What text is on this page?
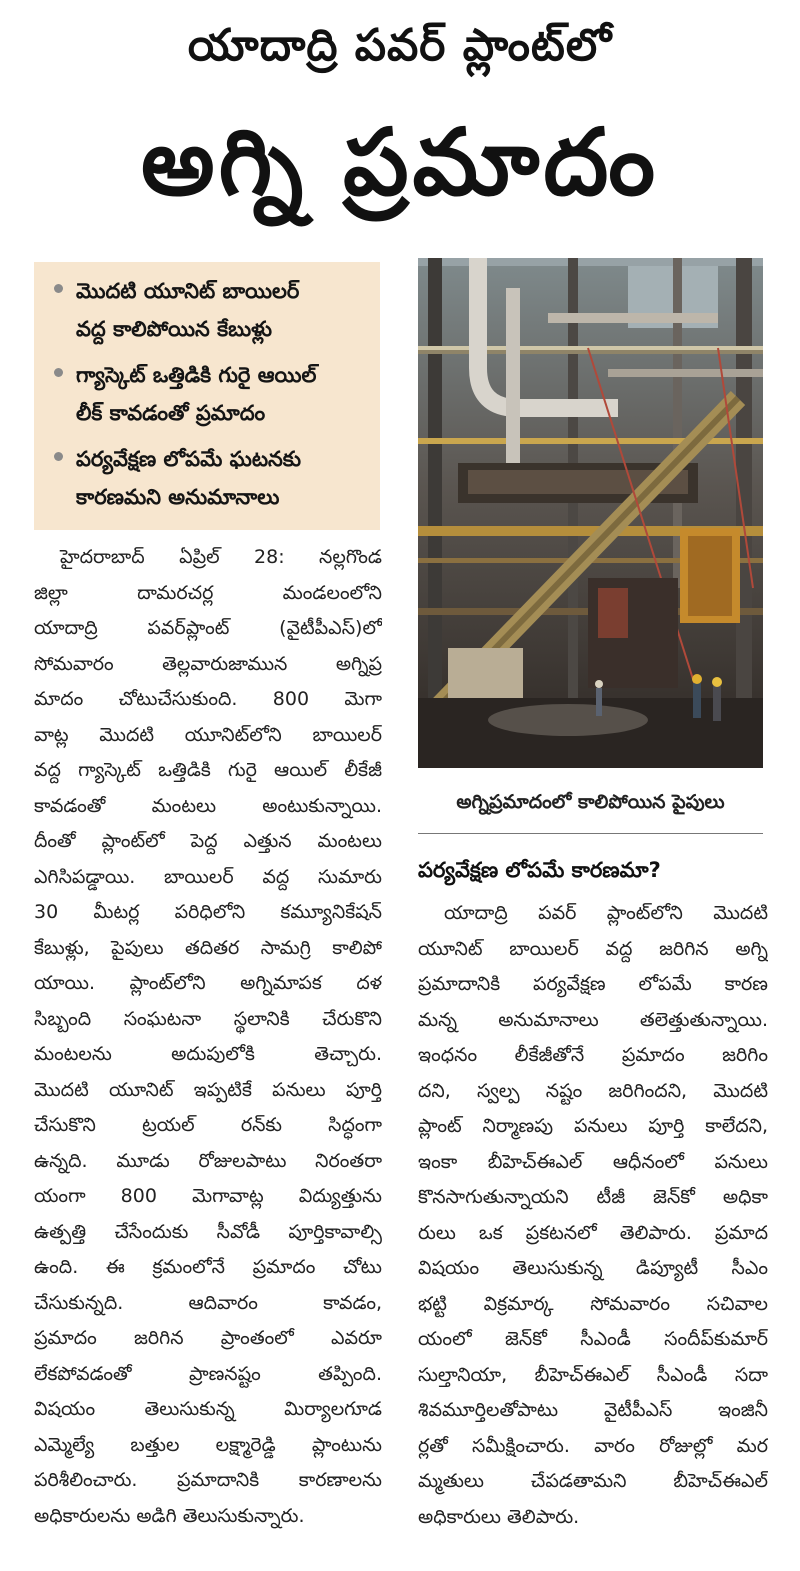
యాదాద్రి పవర్ ప్లాంట్‌లో
అగ్ని ప్రమాదం
మొదటి యూనిట్ బాయిలర్
వద్ద కాలిపోయిన కేబుళ్లు
గ్యాస్కెట్ ఒత్తిడికి గురై ఆయిల్
లీక్ కావడంతో ప్రమాదం
పర్యవేక్షణ లోపమే ఘటనకు
కారణమని అనుమానాలు
హైదరాబాద్‌ ఏప్రిల్‌ 28: నల్లగొండ
జిల్లా దామరచర్ల మండలంలోని
యాదాద్రి పవర్‌ప్లాంట్‌ (వైటీపీఎస్‌)లో
సోమవారం తెల్లవారుజామున అగ్నిప్ర
మాదం చోటుచేసుకుంది. 800 మెగా
వాట్ల మొదటి యూనిట్‌లోని బాయిలర్‌
వద్ద గ్యాస్కెట్‌ ఒత్తిడికి గురై ఆయిల్‌ లీకేజీ
కావడంతో మంటలు అంటుకున్నాయి.
దీంతో ప్లాంట్‌లో పెద్ద ఎత్తున మంటలు
ఎగిసిపడ్డాయి. బాయిలర్‌ వద్ద సుమారు
30 మీటర్ల పరిధిలోని కమ్యూనికేషన్‌
కేబుళ్లు, పైపులు తదితర సామగ్రి కాలిపో
యాయి. ప్లాంట్‌లోని అగ్నిమాపక దళ
సిబ్బంది సంఘటనా స్థలానికి చేరుకొని
మంటలను అదుపులోకి తెచ్చారు.
మొదటి యూనిట్‌ ఇప్పటికే పనులు పూర్తి
చేసుకొని ట్రయల్‌ రన్‌కు సిద్ధంగా
ఉన్నది. మూడు రోజులపాటు నిరంతరా
యంగా 800 మెగావాట్ల విద్యుత్తును
ఉత్పత్తి చేసేందుకు సీవోడీ పూర్తికావాల్సి
ఉంది. ఈ క్రమంలోనే ప్రమాదం చోటు
చేసుకున్నది. ఆదివారం కావడం,
ప్రమాదం జరిగిన ప్రాంతంలో ఎవరూ
లేకపోవడంతో ప్రాణనష్టం తప్పింది.
విషయం తెలుసుకున్న మిర్యాలగూడ
ఎమ్మెల్యే బత్తుల లక్ష్మారెడ్డి ప్లాంటును
పరిశీలించారు. ప్రమాదానికి కారణాలను
అధికారులను అడిగి తెలుసుకున్నారు.
అగ్నిప్రమాదంలో కాలిపోయిన పైపులు
పర్యవేక్షణ లోపమే కారణమా?
యాదాద్రి పవర్‌ ప్లాంట్‌లోని మొదటి
యూనిట్‌ బాయిలర్‌ వద్ద జరిగిన అగ్ని
ప్రమాదానికి పర్యవేక్షణ లోపమే కారణ
మన్న అనుమానాలు తలెత్తుతున్నాయి.
ఇంధనం లీకేజీతోనే ప్రమాదం జరిగిం
దని, స్వల్ప నష్టం జరిగిందని, మొదటి
ప్లాంట్‌ నిర్మాణపు పనులు పూర్తి కాలేదని,
ఇంకా బీహెచ్‌ఈఎల్‌ ఆధీనంలో పనులు
కొనసాగుతున్నాయని టీజీ జెన్‌కో అధికా
రులు ఒక ప్రకటనలో తెలిపారు. ప్రమాద
విషయం తెలుసుకున్న డిప్యూటీ సీఎం
భట్టి విక్రమార్క సోమవారం సచివాల
యంలో జెన్‌కో సీఎండీ సందీప్‌కుమార్‌
సుల్తానియా, బీహెచ్‌ఈఎల్‌ సీఎండీ సదా
శివమూర్తిలతోపాటు వైటీపీఎస్‌ ఇంజినీ
ర్లతో సమీక్షించారు. వారం రోజుల్లో మర
మ్మతులు చేపడతామని బీహెచ్‌ఈఎల్‌
అధికారులు తెలిపారు.
